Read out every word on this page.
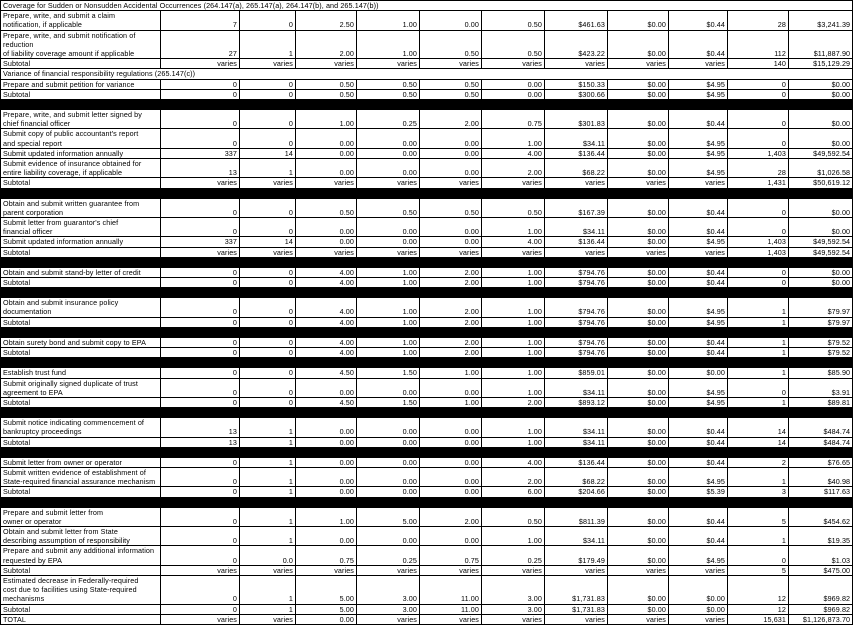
Coverage for Sudden or Nonsudden Accidental Occurrences (264.147(a), 265.147(a), 264.147(b), and 265.147(b))											
Prepare, write, and submit a claim
notification, if applicable	7	0	2.50	1.00	0.00	0.50	$461.63	$0.00	$0.44	28	$3,241.39
Prepare, write, and submit notification of reduction
of liability coverage amount if applicable	27	1	2.00	1.00	0.50	0.50	$423.22	$0.00	$0.44	112	$11,887.90
Subtotal	varies	varies	varies	varies	varies	varies	varies	varies	varies	140	$15,129.29
Variance of financial responsibility regulations (265.147(c))											
Prepare and submit petition for variance	0	0	0.50	0.50	0.50	0.00	$150.33	$0.00	$4.95	0	$0.00
Subtotal	0	0	0.50	0.50	0.50	0.00	$300.66	$0.00	$4.95	0	$0.00

Prepare, write, and submit letter signed by
chief financial officer	0	0	1.00	0.25	2.00	0.75	$301.83	$0.00	$0.44	0	$0.00
Submit copy of public accountant's report
and special report	0	0	0.00	0.00	0.00	1.00	$34.11	$0.00	$4.95	0	$0.00
Submit updated information annually	337	14	0.00	0.00	0.00	4.00	$136.44	$0.00	$4.95	1,403	$49,592.54
Submit evidence of insurance obtained for
entire liability coverage, if applicable	13	1	0.00	0.00	0.00	2.00	$68.22	$0.00	$4.95	28	$1,026.58
Subtotal	varies	varies	varies	varies	varies	varies	varies	varies	varies	1,431	$50,619.12

Obtain and submit written guarantee from
parent corporation	0	0	0.50	0.50	0.50	0.50	$167.39	$0.00	$0.44	0	$0.00
Submit letter from guarantor's chief
financial officer	0	0	0.00	0.00	0.00	1.00	$34.11	$0.00	$0.44	0	$0.00
Submit updated information annually	337	14	0.00	0.00	0.00	4.00	$136.44	$0.00	$4.95	1,403	$49,592.54
Subtotal	varies	varies	varies	varies	varies	varies	varies	varies	varies	1,403	$49,592.54

Obtain and submit stand-by letter of credit	0	0	4.00	1.00	2.00	1.00	$794.76	$0.00	$0.44	0	$0.00
Subtotal	0	0	4.00	1.00	2.00	1.00	$794.76	$0.00	$0.44	0	$0.00

Obtain and submit insurance policy documentation	0	0	4.00	1.00	2.00	1.00	$794.76	$0.00	$4.95	1	$79.97
Subtotal	0	0	4.00	1.00	2.00	1.00	$794.76	$0.00	$4.95	1	$79.97

Obtain surety bond and submit copy to EPA	0	0	4.00	1.00	2.00	1.00	$794.76	$0.00	$0.44	1	$79.52
Subtotal	0	0	4.00	1.00	2.00	1.00	$794.76	$0.00	$0.44	1	$79.52

Establish trust fund	0	0	4.50	1.50	1.00	1.00	$859.01	$0.00	$0.00	1	$85.90
Submit originally signed duplicate of trust
agreement to EPA	0	0	0.00	0.00	0.00	1.00	$34.11	$0.00	$4.95	0	$3.91
Subtotal	0	0	4.50	1.50	1.00	2.00	$893.12	$0.00	$4.95	1	$89.81

Submit notice indicating commencement of
bankruptcy proceedings	13	1	0.00	0.00	0.00	1.00	$34.11	$0.00	$0.44	14	$484.74
Subtotal	13	1	0.00	0.00	0.00	1.00	$34.11	$0.00	$0.44	14	$484.74

Submit letter from owner or operator	0	1	0.00	0.00	0.00	4.00	$136.44	$0.00	$0.44	2	$76.65
Submit written evidence of establishment of
State-required financial assurance mechanism	0	1	0.00	0.00	0.00	2.00	$68.22	$0.00	$4.95	1	$40.98
Subtotal	0	1	0.00	0.00	0.00	6.00	$204.66	$0.00	$5.39	3	$117.63

Prepare and submit letter from
owner or operator	0	1	1.00	5.00	2.00	0.50	$811.39	$0.00	$0.44	5	$454.62
Obtain and submit letter from State
describing assumption of responsibility	0	1	0.00	0.00	0.00	1.00	$34.11	$0.00	$0.44	1	$19.35
Prepare and submit any additional information
requested by EPA	0	0.0	0.75	0.25	0.75	0.25	$179.49	$0.00	$4.95	0	$1.03
Subtotal	varies	varies	varies	varies	varies	varies	varies	varies	varies	5	$475.00
Estimated decrease in Federally-required
cost due to facilities using State-required
mechanisms	0	1	5.00	3.00	11.00	3.00	$1,731.83	$0.00	$0.00	12	$969.82
Subtotal	0	1	5.00	3.00	11.00	3.00	$1,731.83	$0.00	$0.00	12	$969.82
TOTAL	varies	varies	0.00	varies	varies	varies	varies	varies	varies	15,631	$1,126,873.70
